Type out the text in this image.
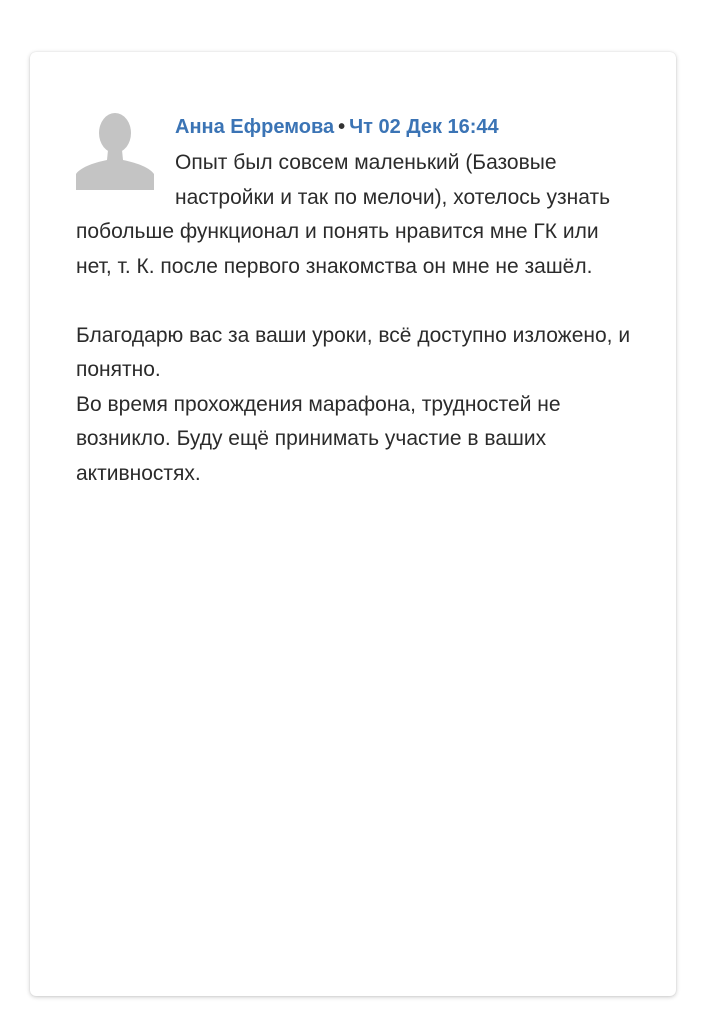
Анна Ефремова • Чт 02 Дек 16:44

Опыт был совсем маленький (Базовые настройки и так по мелочи), хотелось узнать побольше функционал и понять нравится мне ГК или нет, т. К. после первого знакомства он мне не зашёл.

Благодарю вас за ваши уроки, всё доступно изложено, и понятно.

Во время прохождения марафона, трудностей не возникло. Буду ещё принимать участие в ваших активностях.
